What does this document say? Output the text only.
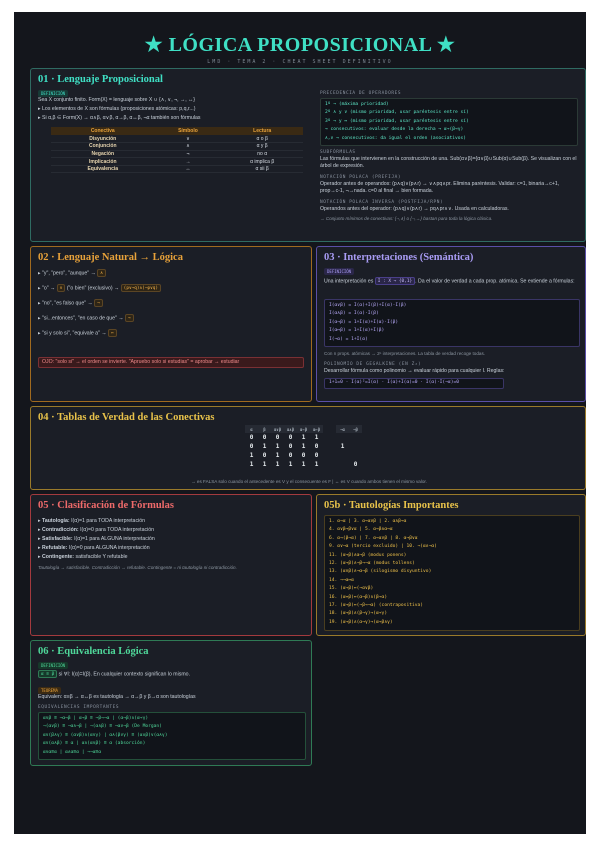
★ LÓGICA PROPOSICIONAL ★
LMD · TEMA 2 · CHEAT SHEET DEFINITIVO
01 · Lenguaje Proposicional
DEFINICIÓN
Sea X conjunto finito. Form(X) = lenguaje sobre X ∪ {∧, ∨, ¬, →, ↔}
▸ Los elementos de X son fórmulas (proposiciones atómicas: p,q,r...)
▸ Si α,β ∈ Form(X) → α∧β, α∨β, α→β, α↔β, ¬α también son fórmulas
Conectiva	Símbolo	Lectura
Disyunción	∨	α o β
Conjunción	∧	α y β
Negación	¬	no α
Implicación	→	α implica β
Equivalencia	↔	α sii β
PRECEDENCIA DE OPERADORES
1º ¬ (máxima prioridad)
2º ∧ y ∨ (mismo prioridad, usar paréntesis entre sí)
3º → y ↔ (mismo prioridad, usar paréntesis entre sí)
→ consecutivos: evaluar desde la derecha → α→(β→γ)
∧,∨ → consecutivos: da igual el orden (asociativos)
SUBFÓRMULAS
Las fórmulas que intervienen en la construcción de una. Sub(α∨β)={α∨β}∪Sub(α)∪Sub(β). Se visualizan con el árbol de expresión.
NOTACIÓN POLACA (PREFIJA)
Operador antes de operandos: (p∧q)∨(p∧r) → ∨∧pq∧pr. Elimina paréntesis. Validar: c=1, binaria→c+1, prop→c-1, ¬→nada. c=0 al final → bien formada.
NOTACIÓN POLACA INVERSA (POSTFIJA/RPN)
Operandos antes del operador: (p∧q)∨(p∧r) → pq∧pr∧∨. Usada en calculadoras.
→ Conjunto mínimos de conectivas: {¬,∧} o {¬,→} bastan para toda la lógica clásica.
02 · Lenguaje Natural → Lógica
▸ "y", "pero", "aunque" → ∧
▸ "o" → ∨ ("o bien" (exclusivo) → (p∨¬q)∧(¬p∨q)
▸ "no", "es falso que" → ¬
▸ "si...entonces", "en caso de que" → →
▸ "si y solo si", "equivale a" → ↔
OJO: "solo si" → el orden se invierte. "Apruebo solo si estudias" = aprobar → estudiar
03 · Interpretaciones (Semántica)
DEFINICIÓN
Una interpretación es I : X → {0,1} . Da el valor de verdad a cada prop. atómica. Se extiende a fórmulas:
I(α∨β) = I(α)+I(β)+I(α)·I(β)
I(α∧β) = I(α)·I(β)
I(α→β) = 1+I(α)+I(α)·I(β)
I(α↔β) = 1+I(α)+I(β)
I(¬α) = 1+I(α)
Con n props. atómicas → 2ⁿ interpretaciones. La tabla de verdad recoge todas.
POLINOMIO DE GEGALKINE (EN Z₂)
Desarrollar fórmula como polinomio → evaluar rápido para cualquier I. Reglas:
1+1=0 · I(α)²=I(α) · I(α)+I(α)=0 · I(α)·I(¬α)=0
04 · Tablas de Verdad de las Conectivas
α	β	α∨β	α∧β	α→β	α↔β		¬α	¬β
0	0	0	0	1	1			
0	1	1	0	1	0		1	
1	0	1	0	0	0			
1	1	1	1	1	1			0
→ es FALSA solo cuando el antecedente es V y el consecuente es F | ↔ es V cuando ambos tienen el mismo valor.
05 · Clasificación de Fórmulas
▸ Tautología: I(α)=1 para TODA interpretación
▸ Contradicción: I(α)=0 para TODA interpretación
▸ Satisfacible: I(α)=1 para ALGUNA interpretación
▸ Refutable: I(α)=0 para ALGUNA interpretación
▸ Contingente: satisfacible Y refutable
Tautología → satisfacible. Contradicción → refutable. Contingente = ni tautología ni contradicción.
05b · Tautologías Importantes
1. α→α | 3. α→α∨β | 2. α∧β→α
4. α∨β→β∨α | 5. α→β∧α→α
6. α→(β→α) | 7. α→α∨β | 8. α→β∨α
9. α∨¬α (tercio excluido) | 10. ¬(α∧¬α)
11. (α→β)∧α→β (modus ponens)
12. (α→β)∧¬β→¬α (modus tollens)
13. (α∨β)∧¬α→β (silogismo disyuntivo)
14. ¬¬α↔α
15. (α→β)↔(¬α∨β)
16. (α↔β)↔(α→β)∧(β→α)
17. (α→β)↔(¬β→¬α) (contrapositiva)
18. (α→β)∧(β→γ)→(α→γ)
19. (α→β)∧(α→γ)→(α→β∧γ)
06 · Equivalencia Lógica
DEFINICIÓN
α ≡ β si ∀I: I(α)=I(β). En cualquier contexto significan lo mismo.
TEOREMA
Equivalen: α≡β → α↔β es tautología → α→β y β→α son tautologías
EQUIVALENCIAS IMPORTANTES
α∨β ≡ ¬α→β | α→β ≡ ¬β→¬α | (α→β)∧(α→γ)
¬(α∨β) ≡ ¬α∧¬β | ¬(α∧β) ≡ ¬α∨¬β (De Morgan)
α∨(β∧γ) ≡ (α∨β)∧(α∨γ) | α∧(β∨γ) ≡ (α∧β)∨(α∧γ)
α∨(α∧β) ≡ α | α∧(α∨β) ≡ α (absorción)
α∨α≡α | α∧α≡α | ¬¬α≡α
